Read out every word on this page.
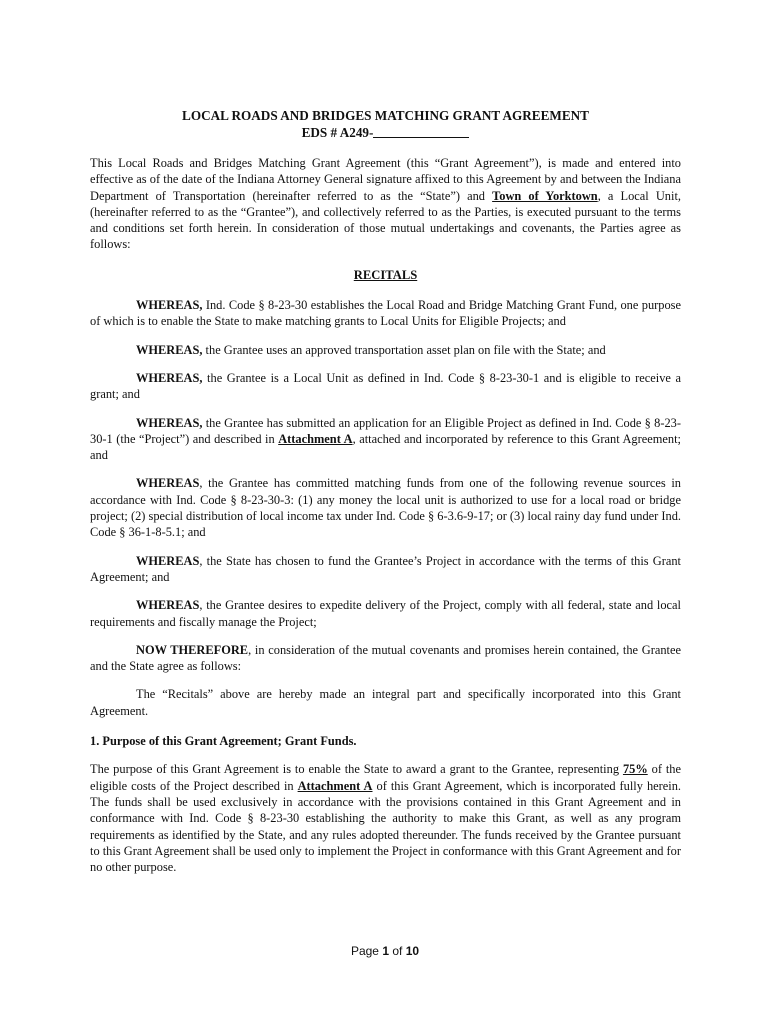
LOCAL ROADS AND BRIDGES MATCHING GRANT AGREEMENT
EDS # A249-

This Local Roads and Bridges Matching Grant Agreement (this “Grant Agreement”), is made and entered into effective as of the date of the Indiana Attorney General signature affixed to this Agreement by and between the Indiana Department of Transportation (hereinafter referred to as the “State”) and Town of Yorktown, a Local Unit, (hereinafter referred to as the “Grantee”), and collectively referred to as the Parties, is executed pursuant to the terms and conditions set forth herein. In consideration of those mutual undertakings and covenants, the Parties agree as follows:

RECITALS

WHEREAS, Ind. Code § 8-23-30 establishes the Local Road and Bridge Matching Grant Fund, one purpose of which is to enable the State to make matching grants to Local Units for Eligible Projects; and

WHEREAS, the Grantee uses an approved transportation asset plan on file with the State; and

WHEREAS, the Grantee is a Local Unit as defined in Ind. Code § 8-23-30-1 and is eligible to receive a grant; and

WHEREAS, the Grantee has submitted an application for an Eligible Project as defined in Ind. Code § 8-23-30-1 (the “Project”) and described in Attachment A, attached and incorporated by reference to this Grant Agreement; and

WHEREAS, the Grantee has committed matching funds from one of the following revenue sources in accordance with Ind. Code § 8-23-30-3: (1) any money the local unit is authorized to use for a local road or bridge project; (2) special distribution of local income tax under Ind. Code § 6-3.6-9-17; or (3) local rainy day fund under Ind. Code § 36-1-8-5.1; and

WHEREAS, the State has chosen to fund the Grantee’s Project in accordance with the terms of this Grant Agreement; and

WHEREAS, the Grantee desires to expedite delivery of the Project, comply with all federal, state and local requirements and fiscally manage the Project;

NOW THEREFORE, in consideration of the mutual covenants and promises herein contained, the Grantee and the State agree as follows:

The “Recitals” above are hereby made an integral part and specifically incorporated into this Grant Agreement.

1. Purpose of this Grant Agreement; Grant Funds.

The purpose of this Grant Agreement is to enable the State to award a grant to the Grantee, representing 75% of the eligible costs of the Project described in Attachment A of this Grant Agreement, which is incorporated fully herein. The funds shall be used exclusively in accordance with the provisions contained in this Grant Agreement and in conformance with Ind. Code § 8-23-30 establishing the authority to make this Grant, as well as any program requirements as identified by the State, and any rules adopted thereunder. The funds received by the Grantee pursuant to this Grant Agreement shall be used only to implement the Project in conformance with this Grant Agreement and for no other purpose.

Page 1 of 10
